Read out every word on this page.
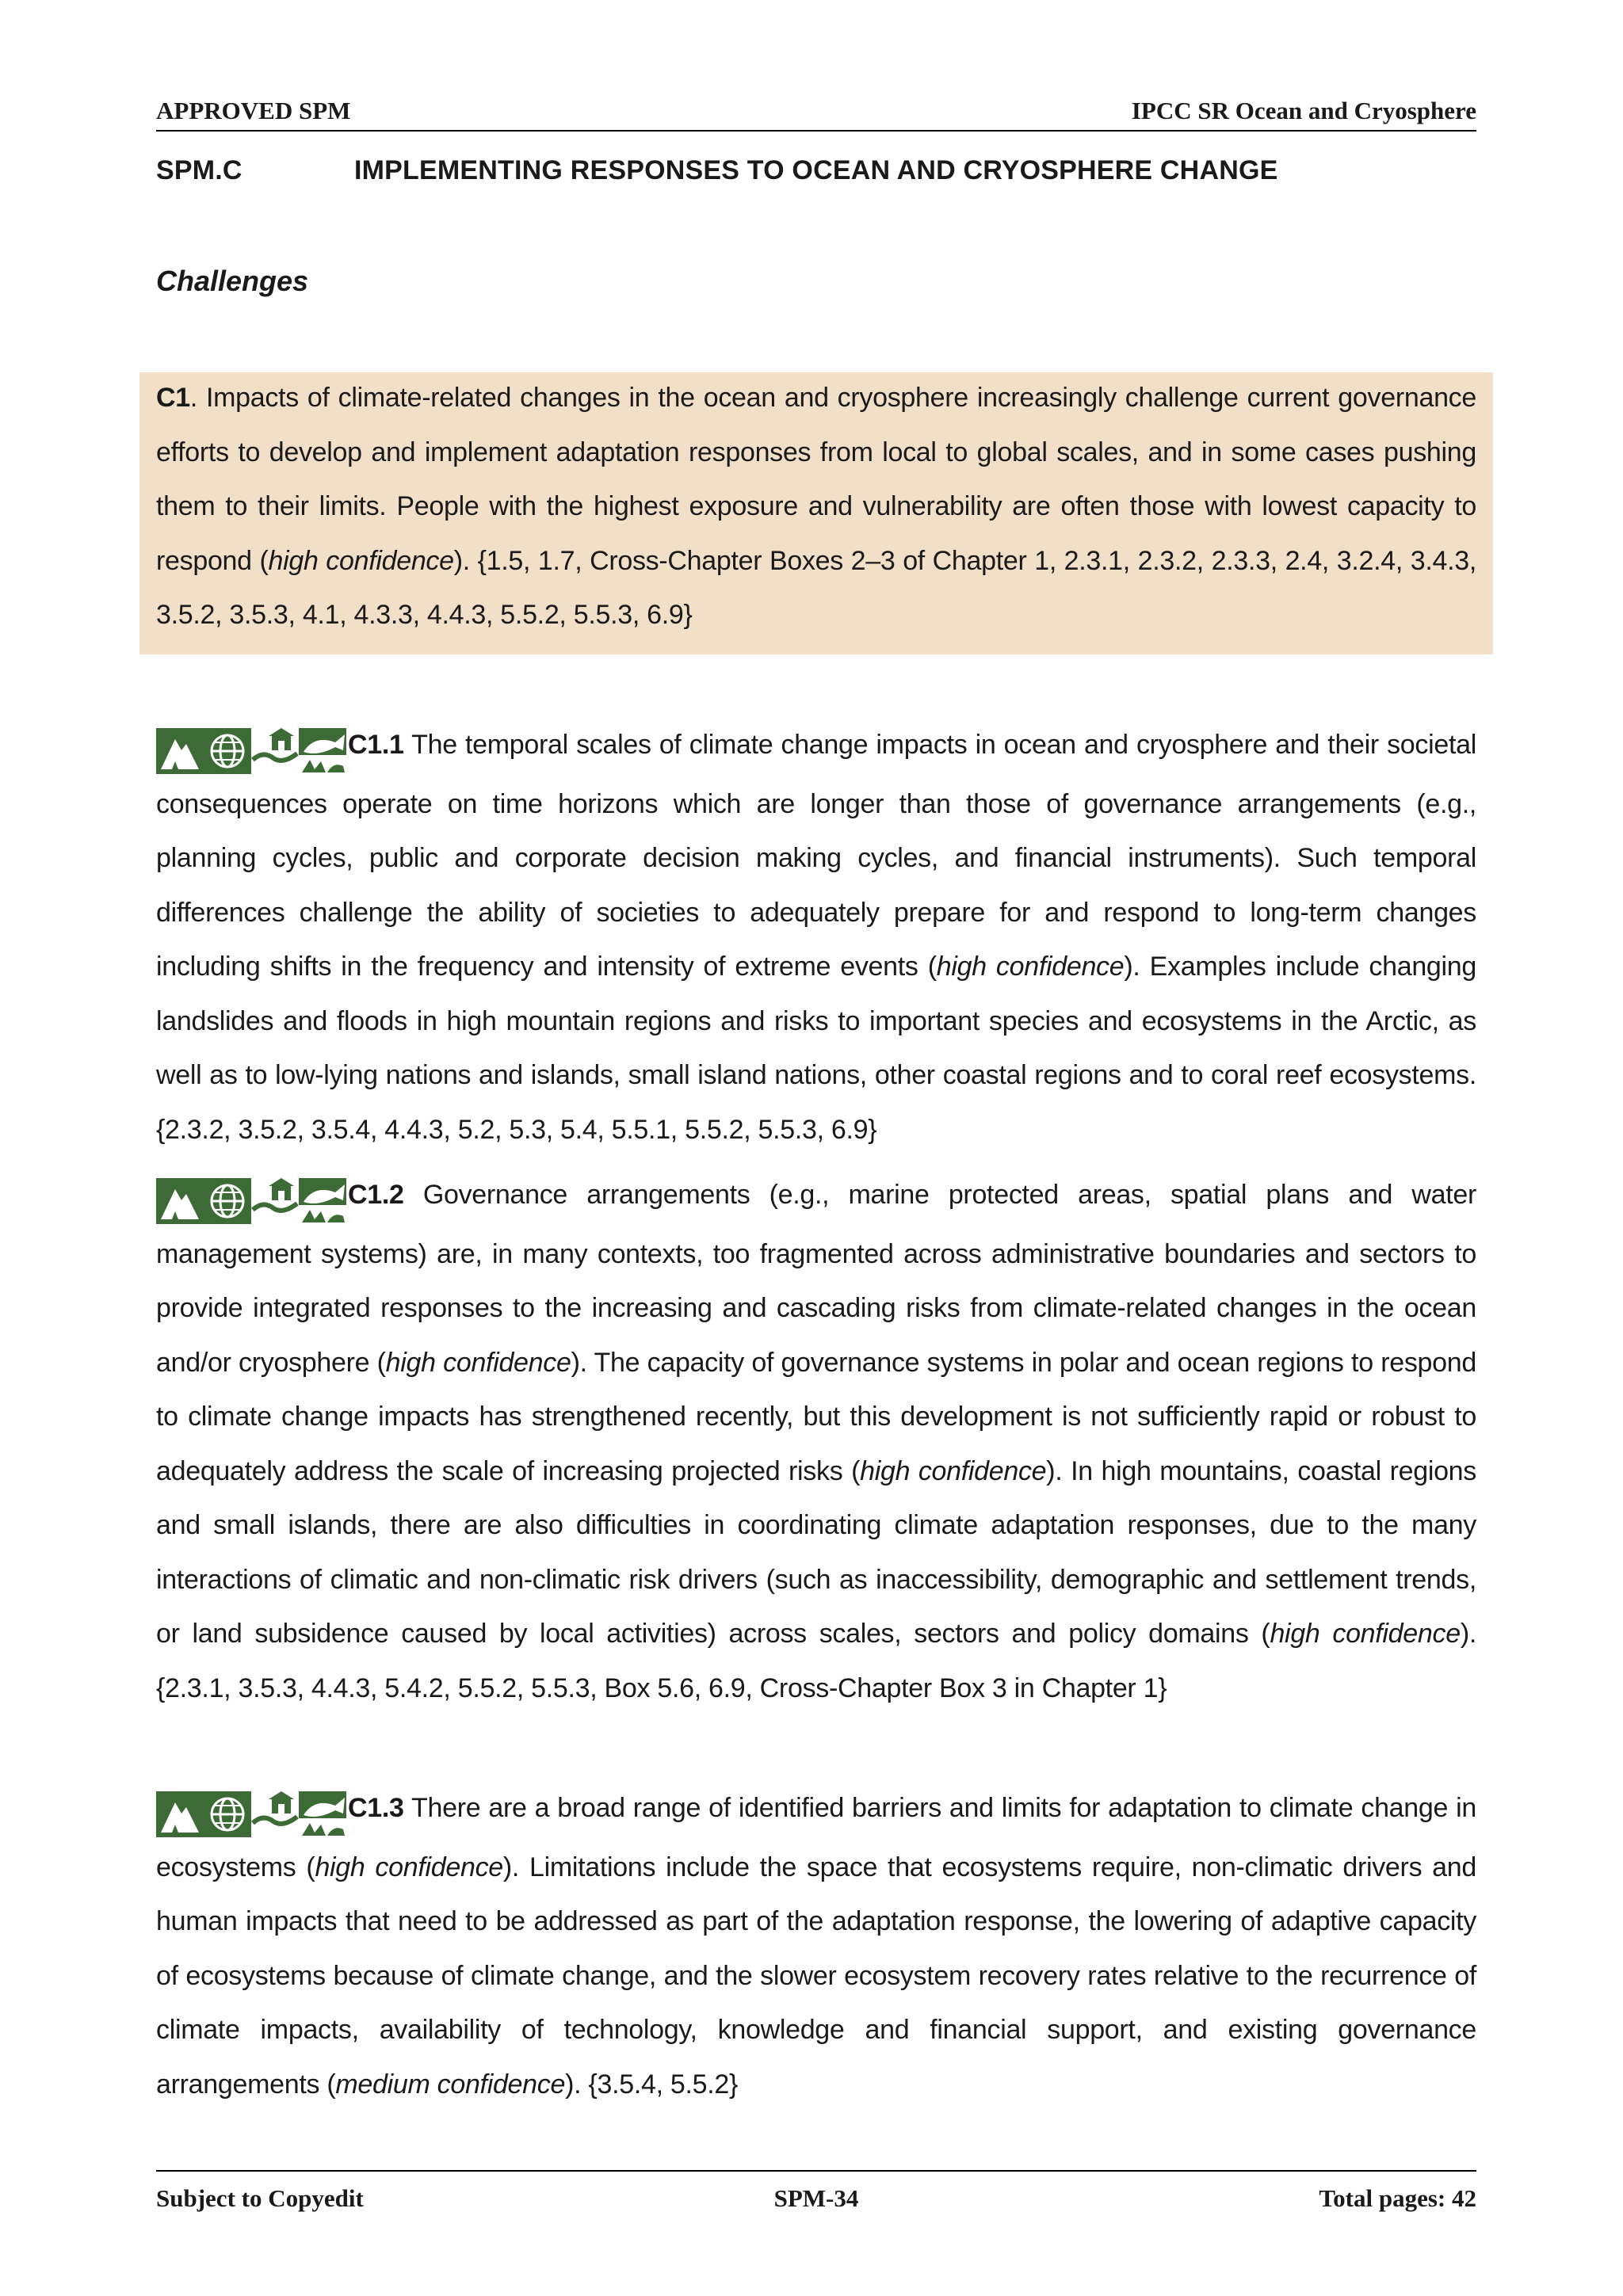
APPROVED SPM	IPCC SR Ocean and Cryosphere
SPM.C	IMPLEMENTING RESPONSES TO OCEAN AND CRYOSPHERE CHANGE
Challenges
C1. Impacts of climate-related changes in the ocean and cryosphere increasingly challenge current governance efforts to develop and implement adaptation responses from local to global scales, and in some cases pushing them to their limits. People with the highest exposure and vulnerability are often those with lowest capacity to respond (high confidence). {1.5, 1.7, Cross-Chapter Boxes 2–3 of Chapter 1, 2.3.1, 2.3.2, 2.3.3, 2.4, 3.2.4, 3.4.3, 3.5.2, 3.5.3, 4.1, 4.3.3, 4.4.3, 5.5.2, 5.5.3, 6.9}
C1.1 The temporal scales of climate change impacts in ocean and cryosphere and their societal consequences operate on time horizons which are longer than those of governance arrangements (e.g., planning cycles, public and corporate decision making cycles, and financial instruments). Such temporal differences challenge the ability of societies to adequately prepare for and respond to long-term changes including shifts in the frequency and intensity of extreme events (high confidence). Examples include changing landslides and floods in high mountain regions and risks to important species and ecosystems in the Arctic, as well as to low-lying nations and islands, small island nations, other coastal regions and to coral reef ecosystems. {2.3.2, 3.5.2, 3.5.4, 4.4.3, 5.2, 5.3, 5.4, 5.5.1, 5.5.2, 5.5.3, 6.9}
C1.2 Governance arrangements (e.g., marine protected areas, spatial plans and water management systems) are, in many contexts, too fragmented across administrative boundaries and sectors to provide integrated responses to the increasing and cascading risks from climate-related changes in the ocean and/or cryosphere (high confidence). The capacity of governance systems in polar and ocean regions to respond to climate change impacts has strengthened recently, but this development is not sufficiently rapid or robust to adequately address the scale of increasing projected risks (high confidence). In high mountains, coastal regions and small islands, there are also difficulties in coordinating climate adaptation responses, due to the many interactions of climatic and non-climatic risk drivers (such as inaccessibility, demographic and settlement trends, or land subsidence caused by local activities) across scales, sectors and policy domains (high confidence). {2.3.1, 3.5.3, 4.4.3, 5.4.2, 5.5.2, 5.5.3, Box 5.6, 6.9, Cross-Chapter Box 3 in Chapter 1}
C1.3 There are a broad range of identified barriers and limits for adaptation to climate change in ecosystems (high confidence). Limitations include the space that ecosystems require, non-climatic drivers and human impacts that need to be addressed as part of the adaptation response, the lowering of adaptive capacity of ecosystems because of climate change, and the slower ecosystem recovery rates relative to the recurrence of climate impacts, availability of technology, knowledge and financial support, and existing governance arrangements (medium confidence). {3.5.4, 5.5.2}
Subject to Copyedit	SPM-34	Total pages: 42
